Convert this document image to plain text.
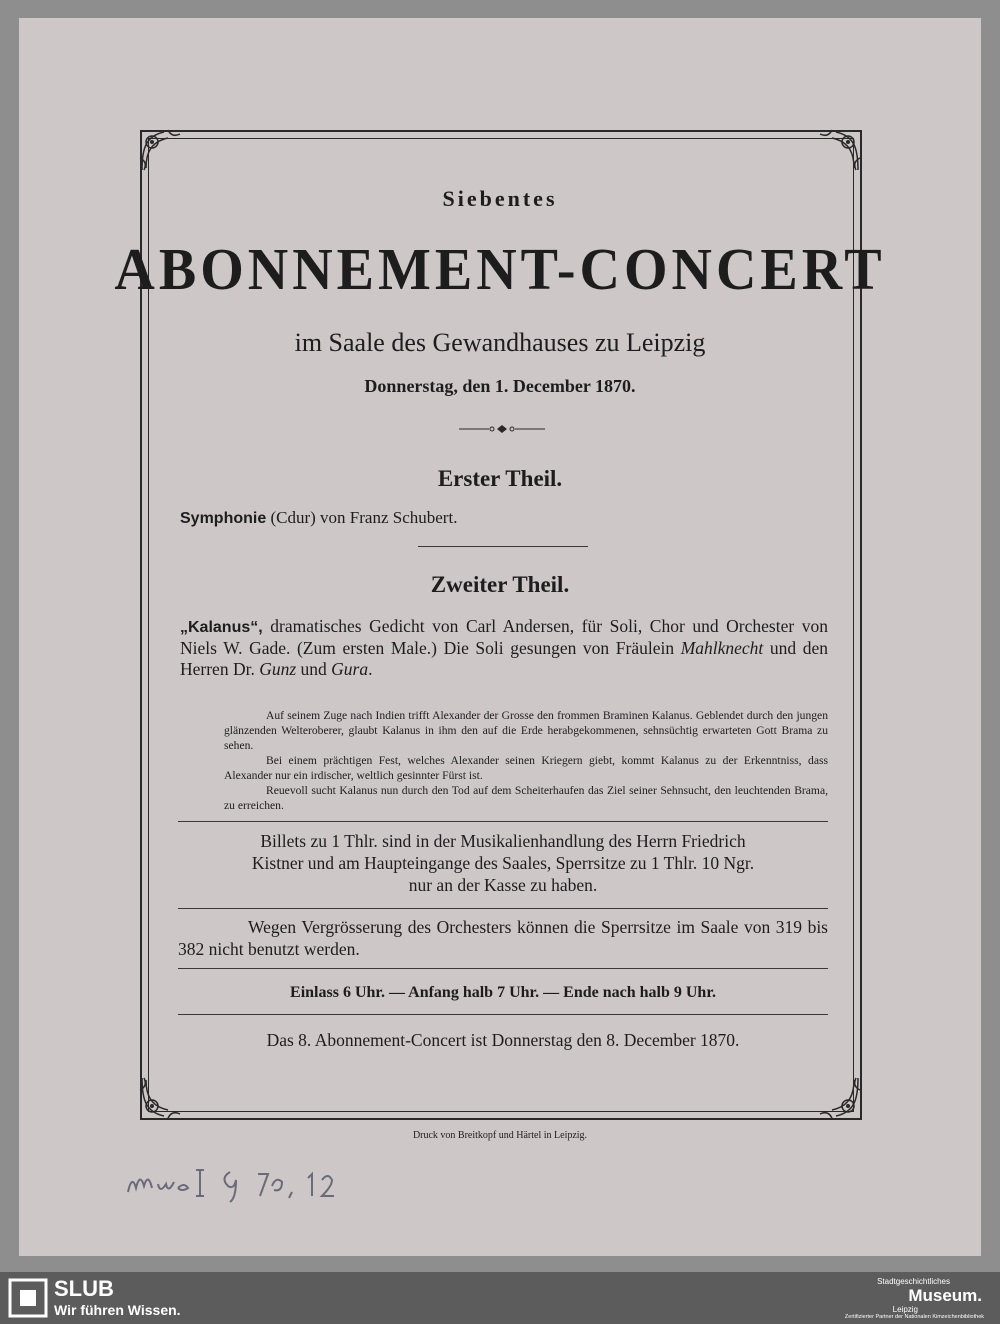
Siebentes
ABONNEMENT-CONCERT
im Saale des Gewandhauses zu Leipzig
Donnerstag, den 1. December 1870.
Erster Theil.
Symphonie (Cdur) von Franz Schubert.
Zweiter Theil.
„Kalanus“, dramatisches Gedicht von Carl Andersen, für Soli, Chor und Orchester von Niels W. Gade. (Zum ersten Male.) Die Soli gesungen von Fräulein Mahlknecht und den Herren Dr. Gunz und Gura.

Auf seinem Zuge nach Indien trifft Alexander der Grosse den frommen Braminen Kalanus. Geblendet durch den jungen glänzenden Welteroberer, glaubt Kalanus in ihm den auf die Erde herabgekommenen, sehnsüchtig erwarteten Gott Brama zu sehen.

Bei einem prächtigen Fest, welches Alexander seinen Kriegern giebt, kommt Kalanus zu der Erkenntniss, dass Alexander nur ein irdischer, weltlich gesinnter Fürst ist.

Reuevoll sucht Kalanus nun durch den Tod auf dem Scheiterhaufen das Ziel seiner Sehnsucht, den leuchtenden Brama, zu erreichen.

Billets zu 1 Thlr. sind in der Musikalienhandlung des Herrn Friedrich
Kistner und am Haupteingange des Saales, Sperrsitze zu 1 Thlr. 10 Ngr.
nur an der Kasse zu haben.
Wegen Vergrösserung des Orchesters können die Sperrsitze im Saale von 319 bis 382 nicht benutzt werden.
Einlass 6 Uhr. — Anfang halb 7 Uhr. — Ende nach halb 9 Uhr.
Das 8. Abonnement-Concert ist Donnerstag den 8. December 1870.
Druck von Breitkopf und Härtel in Leipzig.
SLUB
Wir führen Wissen.
Stadtgeschichtliches
Museum.
Leipzig
Zertifizierter Partner der Nationalen Kimzeichenbibliothek
